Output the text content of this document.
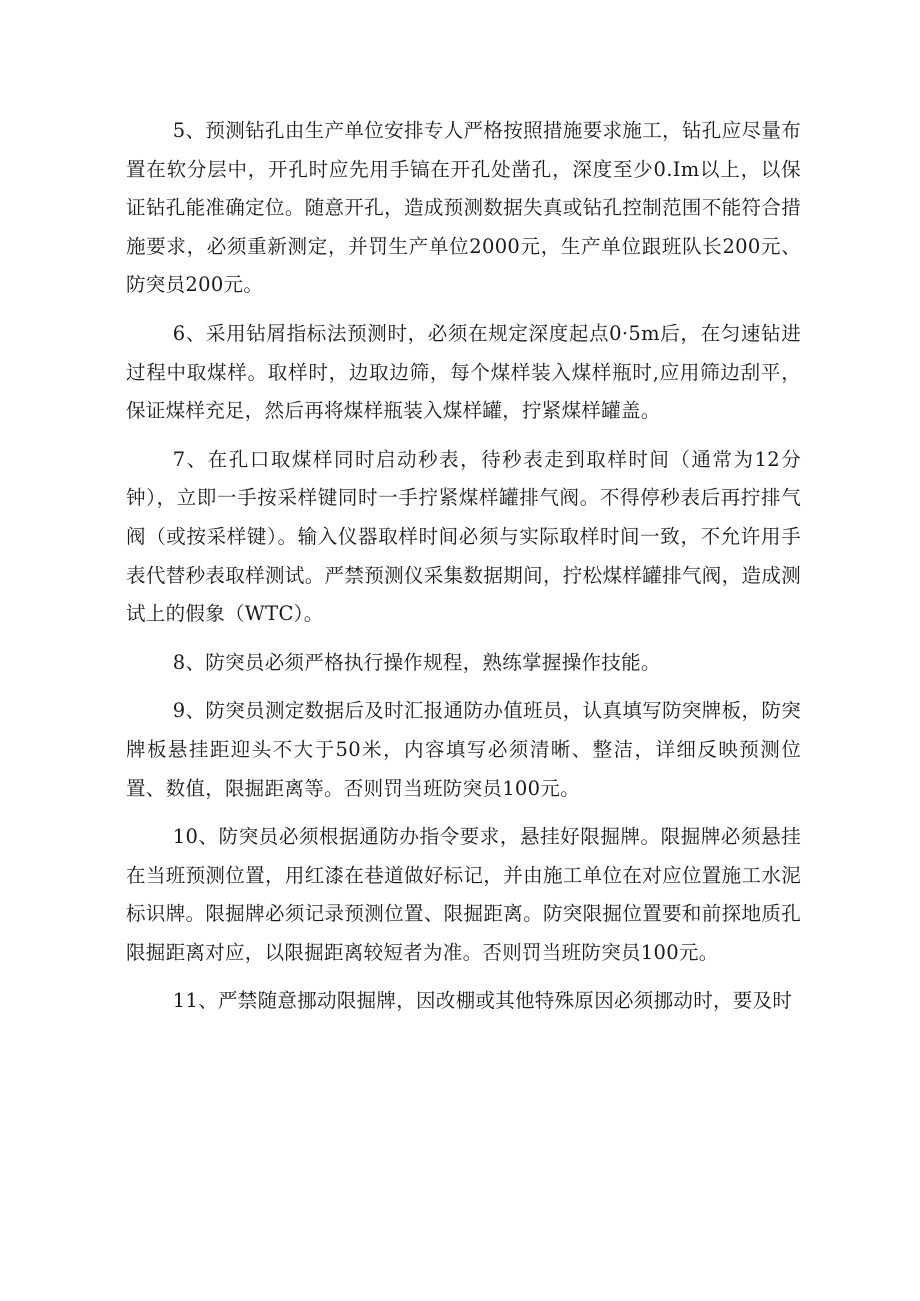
5、预测钻孔由生产单位安排专人严格按照措施要求施工，钻孔应尽量布置在软分层中，开孔时应先用手镐在开孔处凿孔，深度至少0.Im以上，以保证钻孔能准确定位。随意开孔，造成预测数据失真或钻孔控制范围不能符合措施要求，必须重新测定，并罚生产单位2000元，生产单位跟班队长200元、防突员200元。

6、采用钻屑指标法预测时，必须在规定深度起点0·5m后，在匀速钻进过程中取煤样。取样时，边取边筛，每个煤样装入煤样瓶时,应用筛边刮平，保证煤样充足，然后再将煤样瓶装入煤样罐，拧紧煤样罐盖。

7、在孔口取煤样同时启动秒表，待秒表走到取样时间（通常为12分钟），立即一手按采样键同时一手拧紧煤样罐排气阀。不得停秒表后再拧排气阀（或按采样键）。输入仪器取样时间必须与实际取样时间一致，不允许用手表代替秒表取样测试。严禁预测仪采集数据期间，拧松煤样罐排气阀，造成测试上的假象（WTC）。

8、防突员必须严格执行操作规程，熟练掌握操作技能。

9、防突员测定数据后及时汇报通防办值班员，认真填写防突牌板，防突牌板悬挂距迎头不大于50米，内容填写必须清晰、整洁，详细反映预测位置、数值，限掘距离等。否则罚当班防突员100元。

10、防突员必须根据通防办指令要求，悬挂好限掘牌。限掘牌必须悬挂在当班预测位置，用红漆在巷道做好标记，并由施工单位在对应位置施工水泥标识牌。限掘牌必须记录预测位置、限掘距离。防突限掘位置要和前探地质孔限掘距离对应，以限掘距离较短者为准。否则罚当班防突员100元。

11、严禁随意挪动限掘牌，因改棚或其他特殊原因必须挪动时，要及时
